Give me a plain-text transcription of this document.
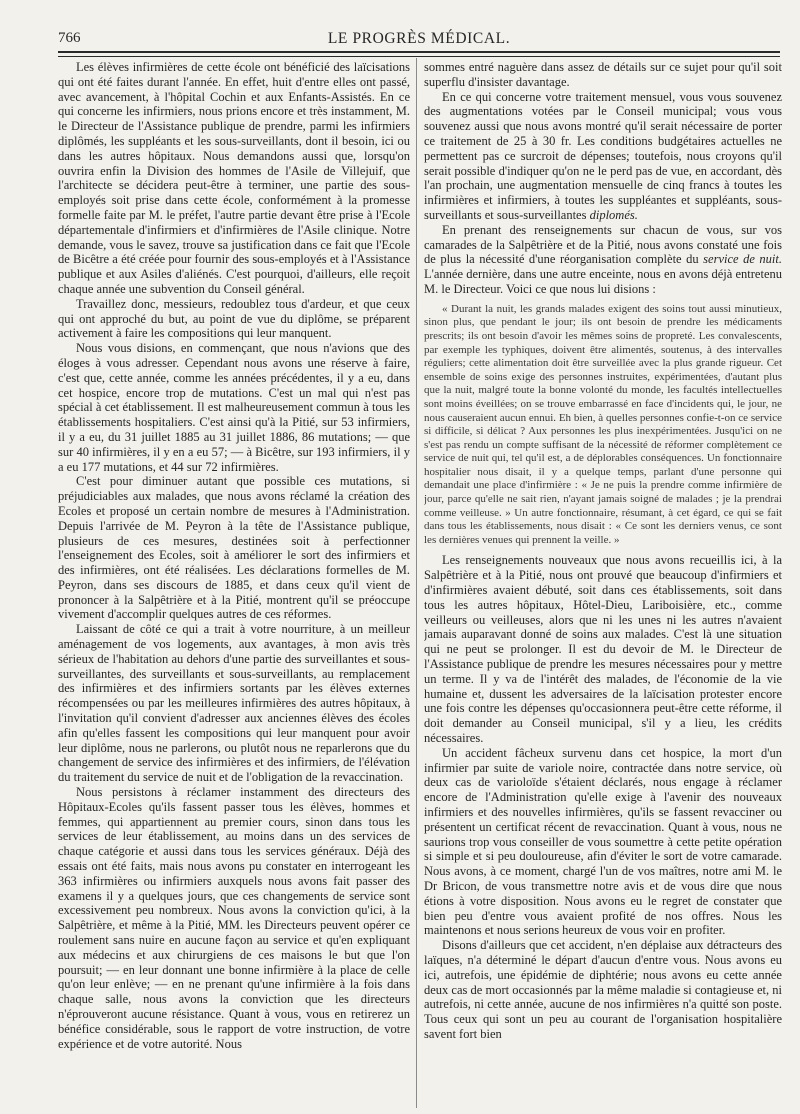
766	LE PROGRÈS MÉDICAL.

Les élèves infirmières de cette école ont bénéficié des laïcisations qui ont été faites durant l'année. En effet, huit d'entre elles ont passé, avec avancement, à l'hôpital Cochin et aux Enfants-Assistés. En ce qui concerne les infirmiers, nous prions encore et très instamment, M. le Directeur de l'Assistance publique de prendre, parmi les infirmiers diplômés, les suppléants et les sous-surveillants, dont il besoin, ici ou dans les autres hôpitaux. Nous demandons aussi que, lorsqu'on ouvrira enfin la Division des hommes de l'Asile de Villejuif, que l'architecte se décidera peut-être à terminer, une partie des sous-employés soit prise dans cette école, conformément à la promesse formelle faite par M. le préfet, l'autre partie devant être prise à l'Ecole départementale d'infirmiers et d'infirmières de l'Asile clinique. Notre demande, vous le savez, trouve sa justification dans ce fait que l'Ecole de Bicêtre a été créée pour fournir des sous-employés et à l'Assistance publique et aux Asiles d'aliénés. C'est pourquoi, d'ailleurs, elle reçoit chaque année une subvention du Conseil général.

Travaillez donc, messieurs, redoublez tous d'ardeur, et que ceux qui ont approché du but, au point de vue du diplôme, se préparent activement à faire les compositions qui leur manquent.

Nous vous disions, en commençant, que nous n'avions que des éloges à vous adresser. Cependant nous avons une réserve à faire, c'est que, cette année, comme les années précédentes, il y a eu, dans cet hospice, encore trop de mutations. C'est un mal qui n'est pas spécial à cet établissement. Il est malheureusement commun à tous les établissements hospitaliers. C'est ainsi qu'à la Pitié, sur 53 infirmiers, il y a eu, du 31 juillet 1885 au 31 juillet 1886, 86 mutations; — que sur 40 infirmières, il y en a eu 57; — à Bicêtre, sur 193 infirmiers, il y a eu 177 mutations, et 44 sur 72 infirmières.

C'est pour diminuer autant que possible ces mutations, si préjudiciables aux malades, que nous avons réclamé la création des Ecoles et proposé un certain nombre de mesures à l'Administration. Depuis l'arrivée de M. Peyron à la tête de l'Assistance publique, plusieurs de ces mesures, destinées soit à perfectionner l'enseignement des Ecoles, soit à améliorer le sort des infirmiers et des infirmières, ont été réalisées. Les déclarations formelles de M. Peyron, dans ses discours de 1885, et dans ceux qu'il vient de prononcer à la Salpêtrière et à la Pitié, montrent qu'il se préoccupe vivement d'accomplir quelques autres de ces réformes.

Laissant de côté ce qui a trait à votre nourriture, à un meilleur aménagement de vos logements, aux avantages, à mon avis très sérieux de l'habitation au dehors d'une partie des surveillantes et sous-surveillantes, des surveillants et sous-surveillants, au remplacement des infirmières et des infirmiers sortants par les élèves externes récompensées ou par les meilleures infirmières des autres hôpitaux, à l'invitation qu'il convient d'adresser aux anciennes élèves des écoles afin qu'elles fassent les compositions qui leur manquent pour avoir leur diplôme, nous ne parlerons, ou plutôt nous ne reparlerons que du changement de service des infirmières et des infirmiers, de l'élévation du traitement du service de nuit et de l'obligation de la revaccination.

Nous persistons à réclamer instamment des directeurs des Hôpitaux-Ecoles qu'ils fassent passer tous les élèves, hommes et femmes, qui appartiennent au premier cours, sinon dans tous les services de leur établissement, au moins dans un des services de chaque catégorie et aussi dans tous les services généraux. Déjà des essais ont été faits, mais nous avons pu constater en interrogeant les 363 infirmières ou infirmiers auxquels nous avons fait passer des examens il y a quelques jours, que ces changements de service sont excessivement peu nombreux. Nous avons la conviction qu'ici, à la Salpêtrière, et même à la Pitié, MM. les Directeurs peuvent opérer ce roulement sans nuire en aucune façon au service et qu'en expliquant aux médecins et aux chirurgiens de ces maisons le but que l'on poursuit; — en leur donnant une bonne infirmière à la place de celle qu'on leur enlève; — en ne prenant qu'une infirmière à la fois dans chaque salle, nous avons la conviction que les directeurs n'éprouveront aucune résistance. Quant à vous, vous en retirerez un bénéfice considérable, sous le rapport de votre instruction, de votre expérience et de votre autorité. Nous

sommes entré naguère dans assez de détails sur ce sujet pour qu'il soit superflu d'insister davantage.

En ce qui concerne votre traitement mensuel, vous vous souvenez des augmentations votées par le Conseil municipal; vous vous souvenez aussi que nous avons montré qu'il serait nécessaire de porter ce traitement de 25 à 30 fr. Les conditions budgétaires actuelles ne permettent pas ce surcroit de dépenses; toutefois, nous croyons qu'il serait possible d'indiquer qu'on ne le perd pas de vue, en accordant, dès l'an prochain, une augmentation mensuelle de cinq francs à toutes les infirmières et infirmiers, à toutes les suppléantes et suppléants, sous-surveillants et sous-surveillantes diplomés.

En prenant des renseignements sur chacun de vous, sur vos camarades de la Salpêtrière et de la Pitié, nous avons constaté une fois de plus la nécessité d'une réorganisation complète du service de nuit. L'année dernière, dans une autre enceinte, nous en avons déjà entretenu M. le Directeur. Voici ce que nous lui disions :

« Durant la nuit, les grands malades exigent des soins tout aussi minutieux, sinon plus, que pendant le jour; ils ont besoin de prendre les médicaments prescrits; ils ont besoin d'avoir les mêmes soins de propreté. Les convalescents, par exemple les typhiques, doivent être alimentés, soutenus, à des intervalles réguliers; cette alimentation doit être surveillée avec la plus grande rigueur. Cet ensemble de soins exige des personnes instruites, expérimentées, d'autant plus que la nuit, malgré toute la bonne volonté du monde, les facultés intellectuelles sont moins éveillées; on se trouve embarrassé en face d'incidents qui, le jour, ne nous causeraient aucun ennui. Eh bien, à quelles personnes confie-t-on ce service si difficile, si délicat ? Aux personnes les plus inexpérimentées. Jusqu'ici on ne s'est pas rendu un compte suffisant de la nécessité de réformer complètement ce service de nuit qui, tel qu'il est, a de déplorables conséquences. Un fonctionnaire hospitalier nous disait, il y a quelque temps, parlant d'une personne qui demandait une place d'infirmière : « Je ne puis la prendre comme infirmière de jour, parce qu'elle ne sait rien, n'ayant jamais soigné de malades ; je la prendrai comme veilleuse. » Un autre fonctionnaire, résumant, à cet égard, ce qui se fait dans tous les établissements, nous disait : « Ce sont les derniers venus, ce sont les dernières venues qui prennent la veille. »

Les renseignements nouveaux que nous avons recueillis ici, à la Salpêtrière et à la Pitié, nous ont prouvé que beaucoup d'infirmiers et d'infirmières avaient débuté, soit dans ces établissements, soit dans tous les autres hôpitaux, Hôtel-Dieu, Lariboisière, etc., comme veilleurs ou veilleuses, alors que ni les unes ni les autres n'avaient jamais auparavant donné de soins aux malades. C'est là une situation qui ne peut se prolonger. Il est du devoir de M. le Directeur de l'Assistance publique de prendre les mesures nécessaires pour y mettre un terme. Il y va de l'intérêt des malades, de l'économie de la vie humaine et, dussent les adversaires de la laïcisation protester encore une fois contre les dépenses qu'occasionnera peut-être cette réforme, il doit demander au Conseil municipal, s'il y a lieu, les crédits nécessaires.

Un accident fâcheux survenu dans cet hospice, la mort d'un infirmier par suite de variole noire, contractée dans notre service, où deux cas de varioloïde s'étaient déclarés, nous engage à réclamer encore de l'Administration qu'elle exige à l'avenir des nouveaux infirmiers et des nouvelles infirmières, qu'ils se fassent revacciner ou présentent un certificat récent de revaccination. Quant à vous, nous ne saurions trop vous conseiller de vous soumettre à cette petite opération si simple et si peu douloureuse, afin d'éviter le sort de votre camarade. Nous avons, à ce moment, chargé l'un de vos maîtres, notre ami M. le Dr Bricon, de vous transmettre notre avis et de vous dire que nous étions à votre disposition. Nous avons eu le regret de constater que bien peu d'entre vous avaient profité de nos offres. Nous les maintenons et nous serions heureux de vous voir en profiter.

Disons d'ailleurs que cet accident, n'en déplaise aux détracteurs des laïques, n'a déterminé le départ d'aucun d'entre vous. Nous avons eu ici, autrefois, une épidémie de diphtérie; nous avons eu cette année deux cas de mort occasionnés par la même maladie si contagieuse et, ni autrefois, ni cette année, aucune de nos infirmières n'a quitté son poste. Tous ceux qui sont un peu au courant de l'organisation hospitalière savent fort bien
